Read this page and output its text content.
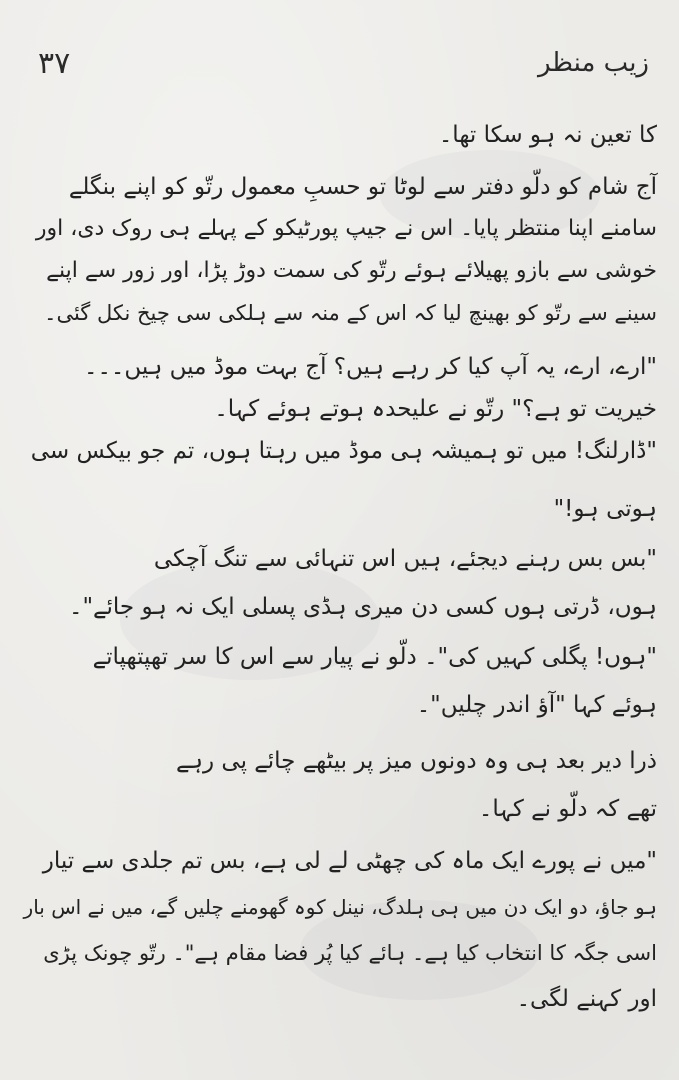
۳۷	زیب منظر
کا تعین نہ ہو سکا تھا۔
آج شام کو دلّو دفتر سے لوٹا تو حسبِ معمول رتّو کو اپنے بنگلے
سامنے اپنا منتظر پایا۔ اس نے جیپ پورٹیکو کے پہلے ہی روک دی، اور
خوشی سے بازو پھیلائے ہوئے رتّو کی سمت دوڑ پڑا، اور زور سے اپنے
سینے سے رتّو کو بھینچ لیا کہ اس کے منہ سے ہلکی سی چیخ نکل گئی۔
"ارے، ارے، یہ آپ کیا کر رہے ہیں؟ آج بہت موڈ میں ہیں۔۔۔
خیریت تو ہے؟" رتّو نے علیحدہ ہوتے ہوئے کہا۔
"ڈارلنگ! میں تو ہمیشہ ہی موڈ میں رہتا ہوں، تم جو بیکس سی
ہوتی ہو!"
"بس بس رہنے دیجئے، ہیں اس تنہائی سے تنگ آچکی
ہوں، ڈرتی ہوں کسی دن میری ہڈی پسلی ایک نہ ہو جائے"۔
"ہوں! پگلی کہیں کی"۔ دلّو نے پیار سے اس کا سر تھپتھپاتے
ہوئے کہا "آؤ اندر چلیں"۔
ذرا دیر بعد ہی وہ دونوں میز پر بیٹھے چائے پی رہے
تھے کہ دلّو نے کہا۔
"میں نے پورے ایک ماہ کی چھٹی لے لی ہے، بس تم جلدی سے تیار
ہو جاؤ، دو ایک دن میں ہی ہلدگ، نینل کوہ گھومنے چلیں گے، میں نے اس بار
اسی جگہ کا انتخاب کیا ہے۔ ہائے کیا پُر فضا مقام ہے"۔ رتّو چونک پڑی
اور کہنے لگی۔
